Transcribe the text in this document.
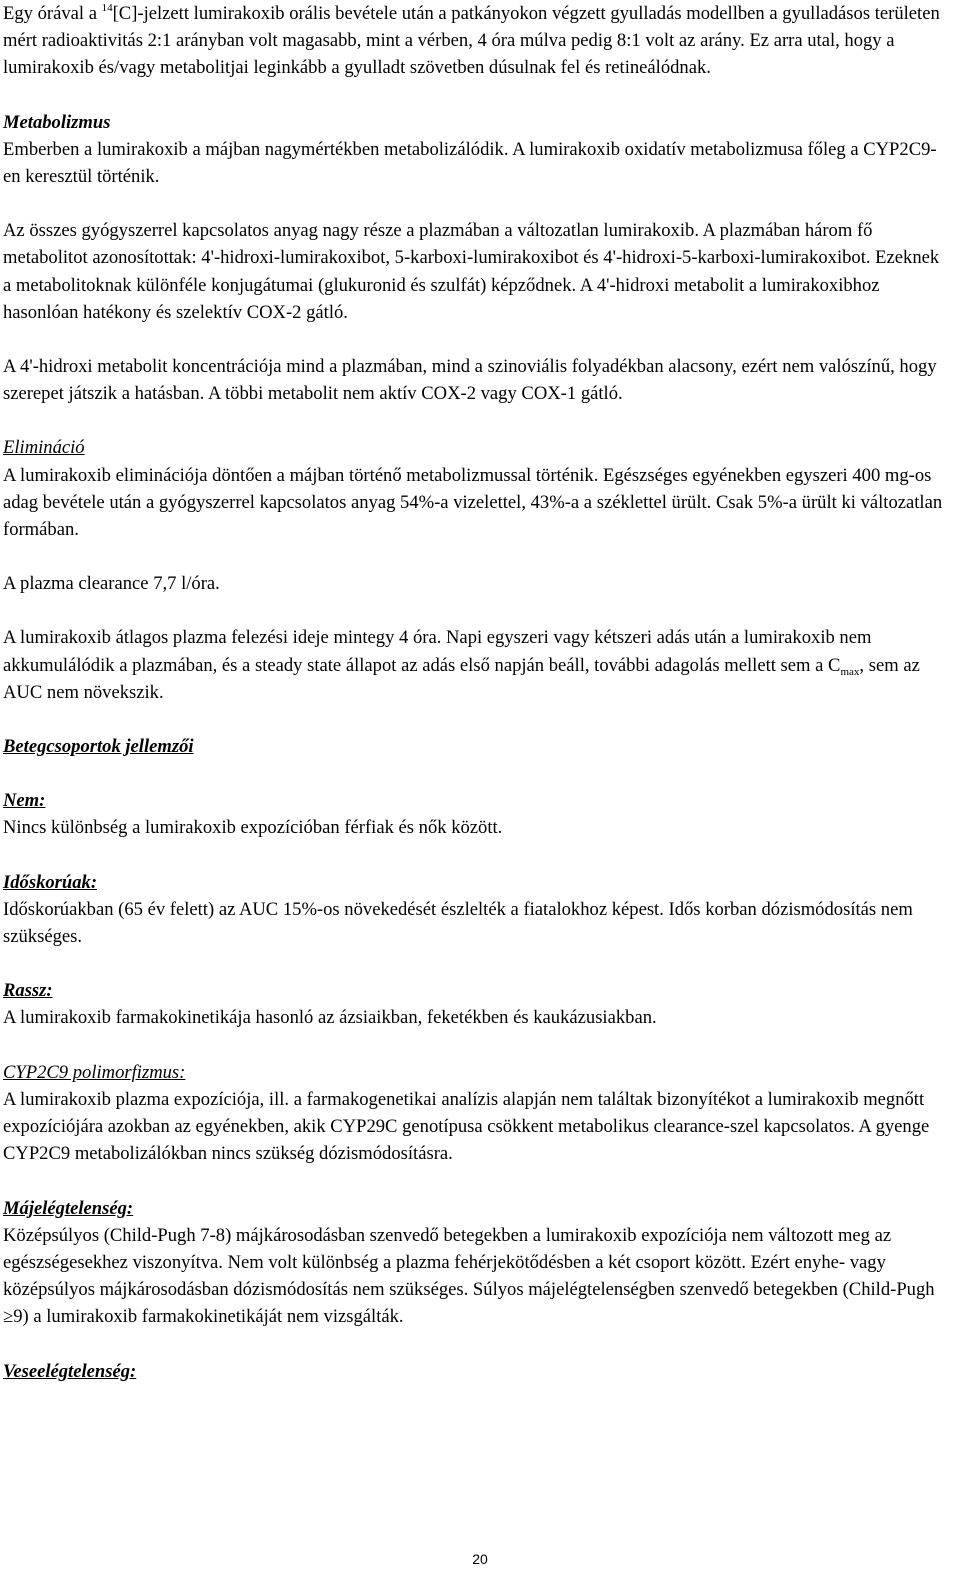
Egy órával a $^{14}$[C]-jelzett lumirakoxib orális bevétele után a patkányokon végzett gyulladás modellben a gyulladásos területen mért radioaktivitás 2:1 arányban volt magasabb, mint a vérben, 4 óra múlva pedig 8:1 volt az arány. Ez arra utal, hogy a lumirakoxib és/vagy metabolitjai leginkább a gyulladt szövetben dúsulnak fel és retineálódnak.

Metabolizmus

Emberben a lumirakoxib a májban nagymértékben metabolizálódik. A lumirakoxib oxidatív metabolizmusa főleg a CYP2C9-en keresztül történik.

Az összes gyógyszerrel kapcsolatos anyag nagy része a plazmában a változatlan lumirakoxib. A plazmában három fő metabolitot azonosítottak: 4'-hidroxi-lumirakoxibot, 5-karboxi-lumirakoxibot és 4'-hidroxi-5-karboxi-lumirakoxibot. Ezeknek a metabolitoknak különféle konjugátumai (glukuronid és szulfát) képződnek. A 4'-hidroxi metabolit a lumirakoxibhoz hasonlóan hatékony és szelektív COX-2 gátló.

A 4'-hidroxi metabolit koncentrációja mind a plazmában, mind a szinoviális folyadékban alacsony, ezért nem valószínű, hogy szerepet játszik a hatásban. A többi metabolit nem aktív COX-2 vagy COX-1 gátló.

Elimináció

A lumirakoxib eliminációja döntően a májban történő metabolizmussal történik. Egészséges egyénekben egyszeri 400 mg-os adag bevétele után a gyógyszerrel kapcsolatos anyag 54%-a vizelettel, 43%-a a széklettel ürült. Csak 5%-a ürült ki változatlan formában.

A plazma clearance 7,7 l/óra.

A lumirakoxib átlagos plazma felezési ideje mintegy 4 óra. Napi egyszeri vagy kétszeri adás után a lumirakoxib nem akkumulálódik a plazmában, és a steady state állapot az adás első napján beáll, további adagolás mellett sem a $C_{max}$, sem az AUC nem növekszik.

Betegcsoportok jellemzői
Nem:

Nincs különbség a lumirakoxib expozícióban férfiak és nők között.

Időskorúak:

Időskorúakban (65 év felett) az AUC 15%-os növekedését észlelték a fiatalokhoz képest. Idős korban dózismódosítás nem szükséges.

Rassz:

A lumirakoxib farmakokinetikája hasonló az ázsiaikban, feketékben és kaukázusiakban.

CYP2C9 polimorfizmus:

A lumirakoxib plazma expozíciója, ill. a farmakogenetikai analízis alapján nem találtak bizonyítékot a lumirakoxib megnőtt expozíciójára azokban az egyénekben, akik CYP29C genotípusa csökkent metabolikus clearance-szel kapcsolatos. A gyenge CYP2C9 metabolizálókban nincs szükség dózismódosításra.

Májelégtelenség:

Középsúlyos (Child-Pugh 7-8) májkárosodásban szenvedő betegekben a lumirakoxib expozíciója nem változott meg az egészségesekhez viszonyítva. Nem volt különbség a plazma fehérjekötődésben a két csoport között. Ezért enyhe- vagy középsúlyos májkárosodásban dózismódosítás nem szükséges. Súlyos májelégtelenségben szenvedő betegekben (Child-Pugh ≥9) a lumirakoxib farmakokinetikáját nem vizsgálták.

Veseelégtelenség:
20
